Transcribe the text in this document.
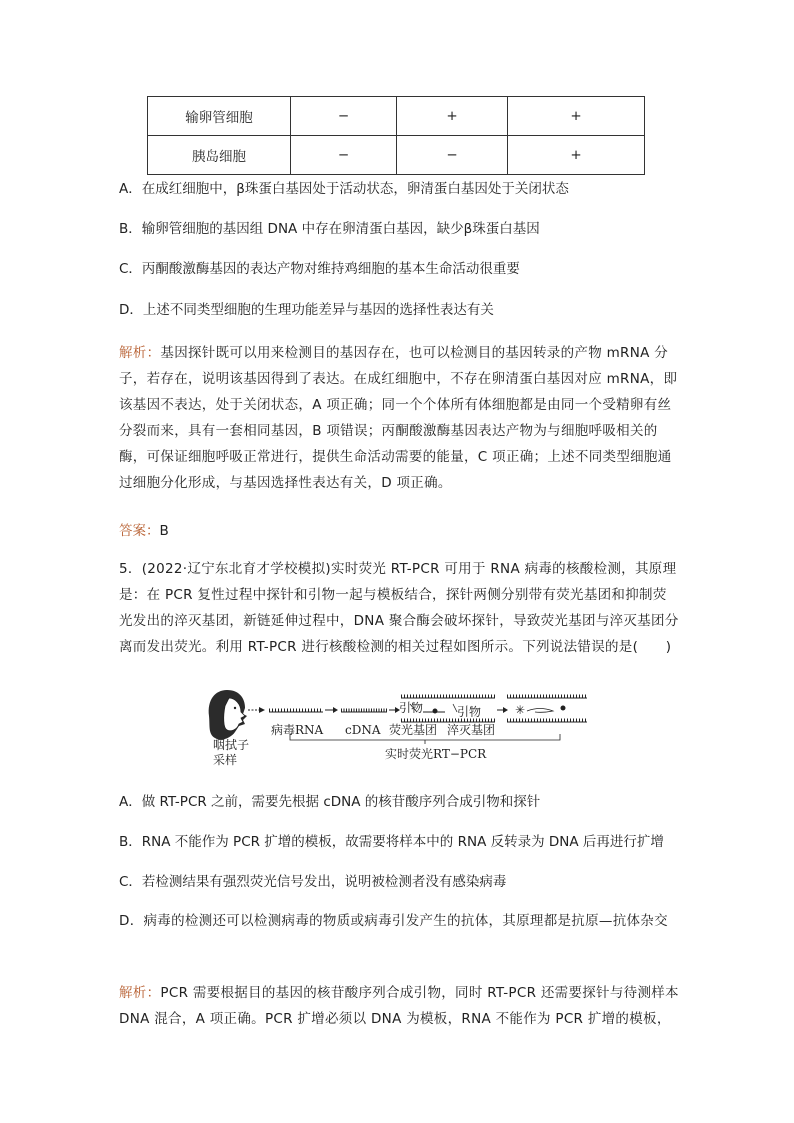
输卵管细胞	−	+	+
胰岛细胞	−	−	+
A．在成红细胞中，β珠蛋白基因处于活动状态，卵清蛋白基因处于关闭状态
B．输卵管细胞的基因组 DNA 中存在卵清蛋白基因，缺少β珠蛋白基因
C．丙酮酸激酶基因的表达产物对维持鸡细胞的基本生命活动很重要
D．上述不同类型细胞的生理功能差异与基因的选择性表达有关
解析：基因探针既可以用来检测目的基因存在，也可以检测目的基因转录的产物 mRNA 分子，若存在，说明该基因得到了表达。在成红细胞中，不存在卵清蛋白基因对应 mRNA，即该基因不表达，处于关闭状态，A 项正确；同一个个体所有体细胞都是由同一个受精卵有丝分裂而来，具有一套相同基因，B 项错误；丙酮酸激酶基因表达产物为与细胞呼吸相关的酶，可保证细胞呼吸正常进行，提供生命活动需要的能量，C 项正确；上述不同类型细胞通过细胞分化形成，与基因选择性表达有关，D 项正确。
答案：B
5．(2022·辽宁东北育才学校模拟)实时荧光 RT-PCR 可用于 RNA 病毒的核酸检测，其原理是：在 PCR 复性过程中探针和引物一起与模板结合，探针两侧分别带有荧光基团和抑制荧光发出的淬灭基团，新链延伸过程中，DNA 聚合酶会破坏探针，导致荧光基团与淬灭基团分离而发出荧光。利用 RT-PCR 进行核酸检测的相关过程如图所示。下列说法错误的是(　　)
✳
咽拭子
采样
病毒RNA cDNA
引物	引物
荧光基团 淬灭基团
实时荧光RT−PCR
A．做 RT-PCR 之前，需要先根据 cDNA 的核苷酸序列合成引物和探针
B．RNA 不能作为 PCR 扩增的模板，故需要将样本中的 RNA 反转录为 DNA 后再进行扩增
C．若检测结果有强烈荧光信号发出，说明被检测者没有感染病毒
D．病毒的检测还可以检测病毒的物质或病毒引发产生的抗体，其原理都是抗原—抗体杂交
解析：PCR 需要根据目的基因的核苷酸序列合成引物，同时 RT-PCR 还需要探针与待测样本 DNA 混合，A 项正确。PCR 扩增必须以 DNA 为模板，RNA 不能作为 PCR 扩增的模板，
